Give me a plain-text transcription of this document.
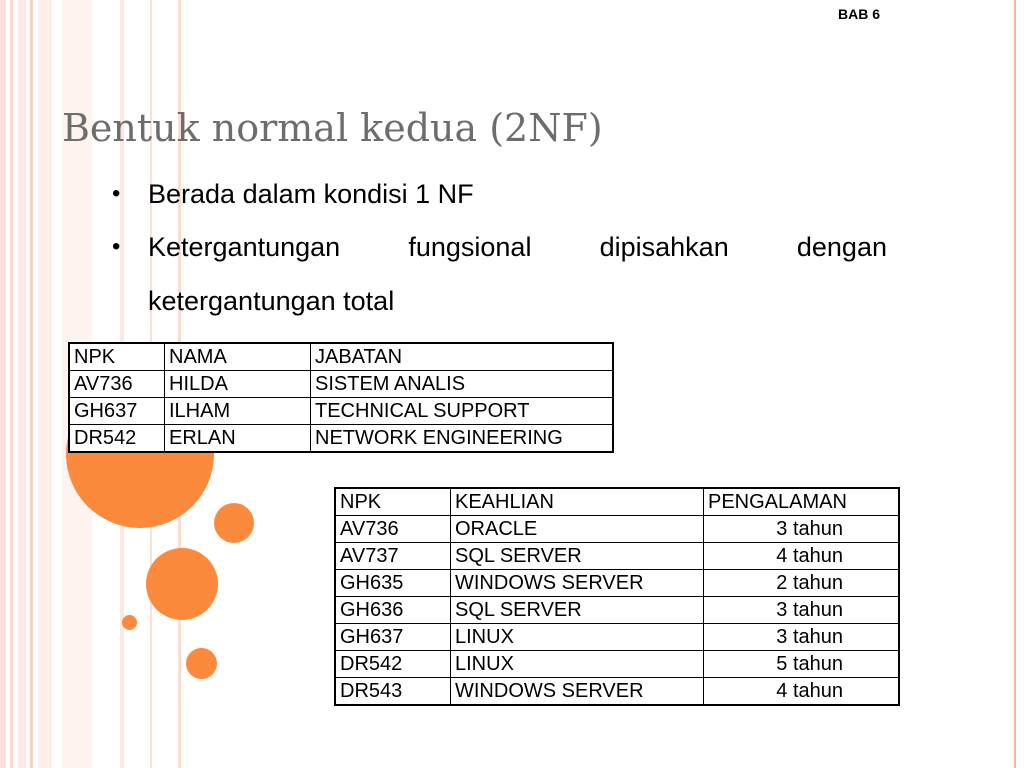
BAB 6
Bentuk normal kedua (2NF)
• Berada dalam kondisi 1 NF
• Ketergantungan fungsional dipisahkan dengan ketergantungan total
NPK	NAMA	JABATAN
AV736	HILDA	SISTEM ANALIS
GH637	ILHAM	TECHNICAL SUPPORT
DR542	ERLAN	NETWORK ENGINEERING
NPK	KEAHLIAN	PENGALAMAN
AV736	ORACLE	3 tahun
AV737	SQL SERVER	4 tahun
GH635	WINDOWS SERVER	2 tahun
GH636	SQL SERVER	3 tahun
GH637	LINUX	3 tahun
DR542	LINUX	5 tahun
DR543	WINDOWS SERVER	4 tahun
